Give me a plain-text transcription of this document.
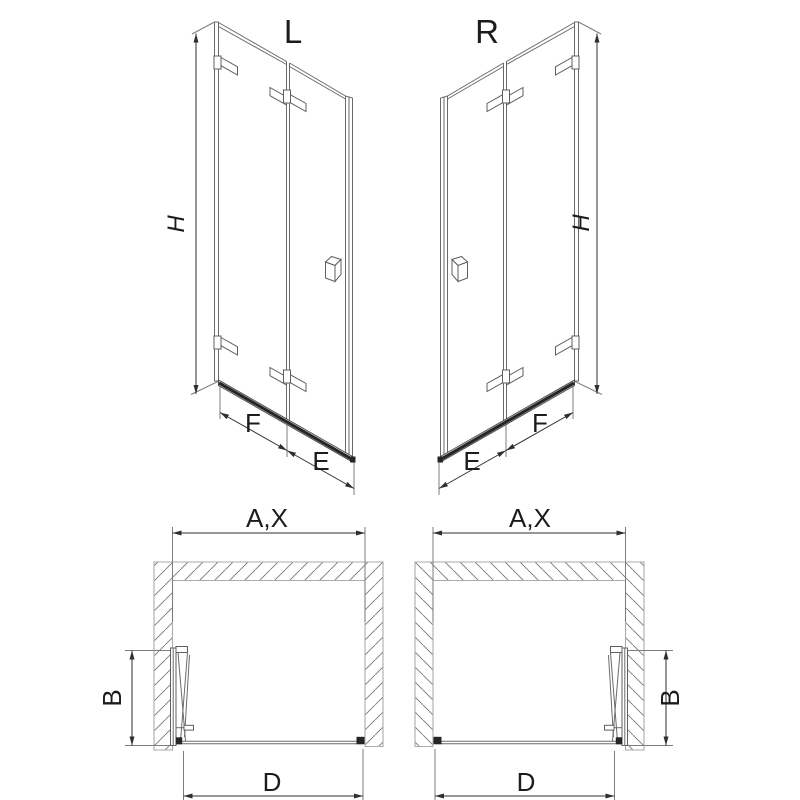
L
H
F
E
R
H
E
F
A,X
B
D
A,X
B
D
